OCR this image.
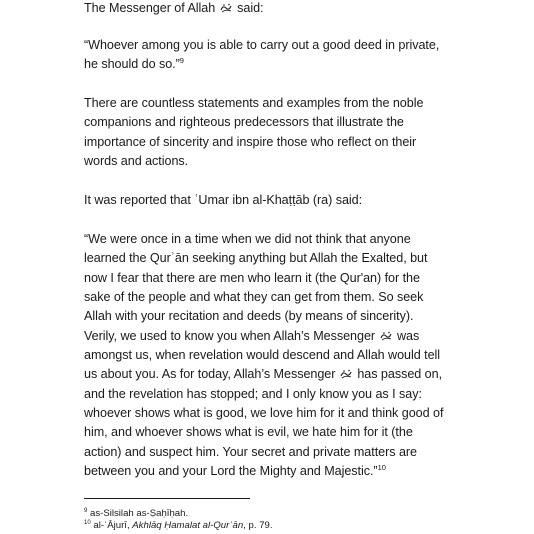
The Messenger of Allah  said:
“Whoever among you is able to carry out a good deed in private,
he should do so.”$^9$
There are countless statements and examples from the noble
companions and righteous predecessors that illustrate the
importance of sincerity and inspire those who reflect on their
words and actions.
It was reported that ʿUmar ibn al-Khaṭṭāb (ra) said:
“We were once in a time when we did not think that anyone
learned the Qurʾān seeking anything but Allah the Exalted, but
now I fear that there are men who learn it (the Qur'an) for the
sake of the people and what they can get from them. So seek
Allah with your recitation and deeds (by means of sincerity).
Verily, we used to know you when Allah’s Messenger  was
amongst us, when revelation would descend and Allah would tell
us about you. As for today, Allah’s Messenger  has passed on,
and the revelation has stopped; and I only know you as I say:
whoever shows what is good, we love him for it and think good of
him, and whoever shows what is evil, we hate him for it (the
action) and suspect him. Your secret and private matters are
between you and your Lord the Mighty and Majestic.”$^{10}$
$^9$ as-Silsilah as-Ṣaḥīḥah.
$^{10}$ al-ʾĀjurī, Akhlāq Ḥamalat al-Qurʾān, p. 79.
